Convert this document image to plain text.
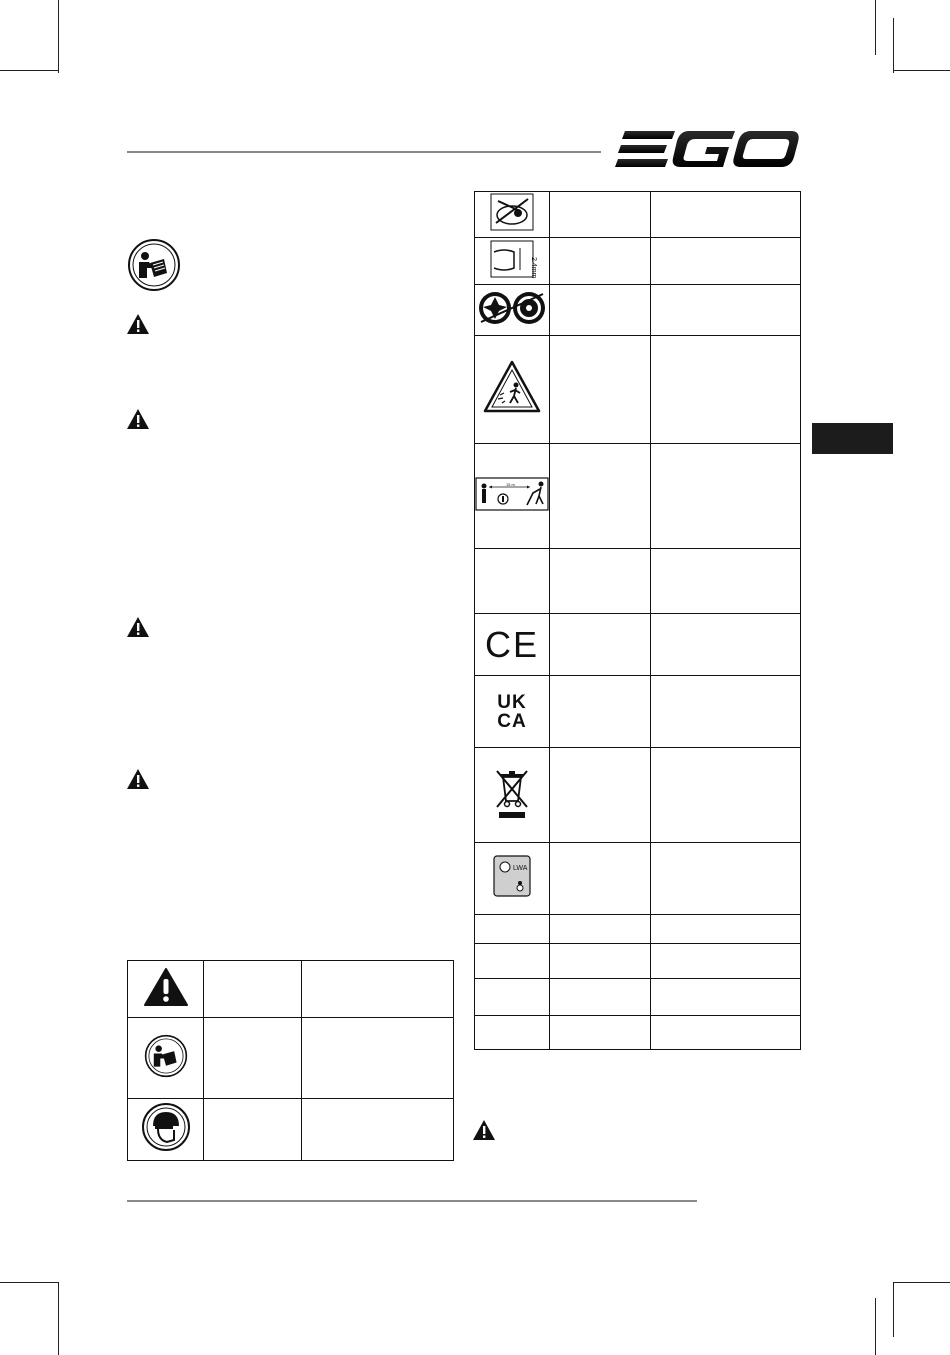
2.4mm		

15 m		

CE		

UK
CA		

LWA		
